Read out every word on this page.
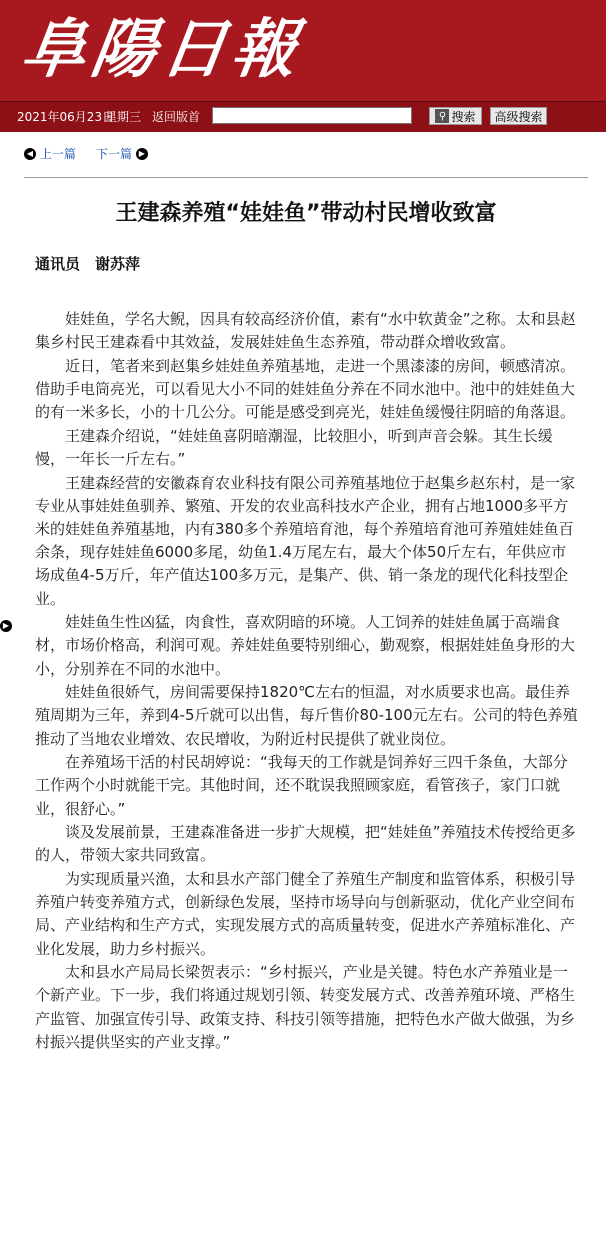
阜陽日報
2021年06月23日
星期三 返回版首	⚲ 搜索	高级搜索
◀ 上一篇 下一篇 ▶
王建森养殖“娃娃鱼”带动村民增收致富
通讯员　谢苏萍
▶

娃娃鱼，学名大鲵，因具有较高经济价值，素有“水中软黄金”之称。太和县赵集乡村民王建森看中其效益，发展娃娃鱼生态养殖，带动群众增收致富。

近日，笔者来到赵集乡娃娃鱼养殖基地，走进一个黑漆漆的房间，顿感清凉。借助手电筒亮光，可以看见大小不同的娃娃鱼分养在不同水池中。池中的娃娃鱼大的有一米多长，小的十几公分。可能是感受到亮光，娃娃鱼缓慢往阴暗的角落退。

王建森介绍说，“娃娃鱼喜阴暗潮湿，比较胆小，听到声音会躲。其生长缓慢，一年长一斤左右。”

王建森经营的安徽森育农业科技有限公司养殖基地位于赵集乡赵东村，是一家专业从事娃娃鱼驯养、繁殖、开发的农业高科技水产企业，拥有占地1000多平方米的娃娃鱼养殖基地，内有380多个养殖培育池，每个养殖培育池可养殖娃娃鱼百余条，现存娃娃鱼6000多尾，幼鱼1.4万尾左右，最大个体50斤左右，年供应市场成鱼4-5万斤，年产值达100多万元，是集产、供、销一条龙的现代化科技型企业。

娃娃鱼生性凶猛，肉食性，喜欢阴暗的环境。人工饲养的娃娃鱼属于高端食材，市场价格高，利润可观。养娃娃鱼要特别细心，勤观察，根据娃娃鱼身形的大小，分别养在不同的水池中。

娃娃鱼很娇气，房间需要保持1820℃左右的恒温，对水质要求也高。最佳养殖周期为三年，养到4-5斤就可以出售，每斤售价80-100元左右。公司的特色养殖推动了当地农业增效、农民增收，为附近村民提供了就业岗位。

在养殖场干活的村民胡婷说：“我每天的工作就是饲养好三四千条鱼，大部分工作两个小时就能干完。其他时间，还不耽误我照顾家庭，看管孩子，家门口就业，很舒心。”

谈及发展前景，王建森准备进一步扩大规模，把“娃娃鱼”养殖技术传授给更多的人，带领大家共同致富。

为实现质量兴渔，太和县水产部门健全了养殖生产制度和监管体系，积极引导养殖户转变养殖方式，创新绿色发展，坚持市场导向与创新驱动，优化产业空间布局、产业结构和生产方式，实现发展方式的高质量转变，促进水产养殖标准化、产业化发展，助力乡村振兴。

太和县水产局局长梁贺表示：“乡村振兴，产业是关键。特色水产养殖业是一个新产业。下一步，我们将通过规划引领、转变发展方式、改善养殖环境、严格生产监管、加强宣传引导、政策支持、科技引领等措施，把特色水产做大做强，为乡村振兴提供坚实的产业支撑。”
